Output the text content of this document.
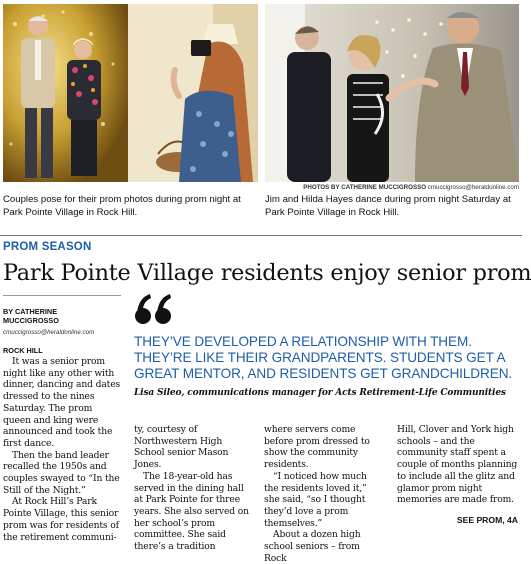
PHOTOS BY CATHERINE MUCCIGROSSO cmuccigrosso@heraldonline.com
Couples pose for their prom photos during prom night at Park Pointe Village in Rock Hill.
Jim and Hilda Hayes dance during prom night Saturday at Park Pointe Village in Rock Hill.
PROM SEASON
Park Pointe Village residents enjoy senior prom
BY CATHERINE
MUCCIGROSSO
cmuccigrosso@heraldonline.com
ROCK HILL

It was a senior prom night like any other with dinner, dancing and dates dressed to the nines Saturday. The prom queen and king were announced and took the first dance.

Then the band leader recalled the 1950s and couples swayed to “In the Still of the Night.”

At Rock Hill’s Park Pointe Village, this senior prom was for residents of the retirement communi-

THEY’VE DEVELOPED A RELATIONSHIP WITH THEM. THEY’RE LIKE THEIR GRANDPARENTS. STUDENTS GET A GREAT MENTOR, AND RESIDENTS GET GRANDCHILDREN.
Lisa Sileo, communications manager for Acts Retirement-Life Communities

ty, courtesy of Northwestern High School senior Mason Jones.

The 18-year-old has served in the dining hall at Park Pointe for three years. She also served on her school’s prom committee. She said there’s a tradition

where servers come before prom dressed to show the community residents.

“I noticed how much the residents loved it,” she said, “so I thought they’d love a prom themselves.”

About a dozen high school seniors – from Rock

Hill, Clover and York high schools – and the community staff spent a couple of months planning to include all the glitz and glamor prom night memories are made from.

SEE PROM, 4A
